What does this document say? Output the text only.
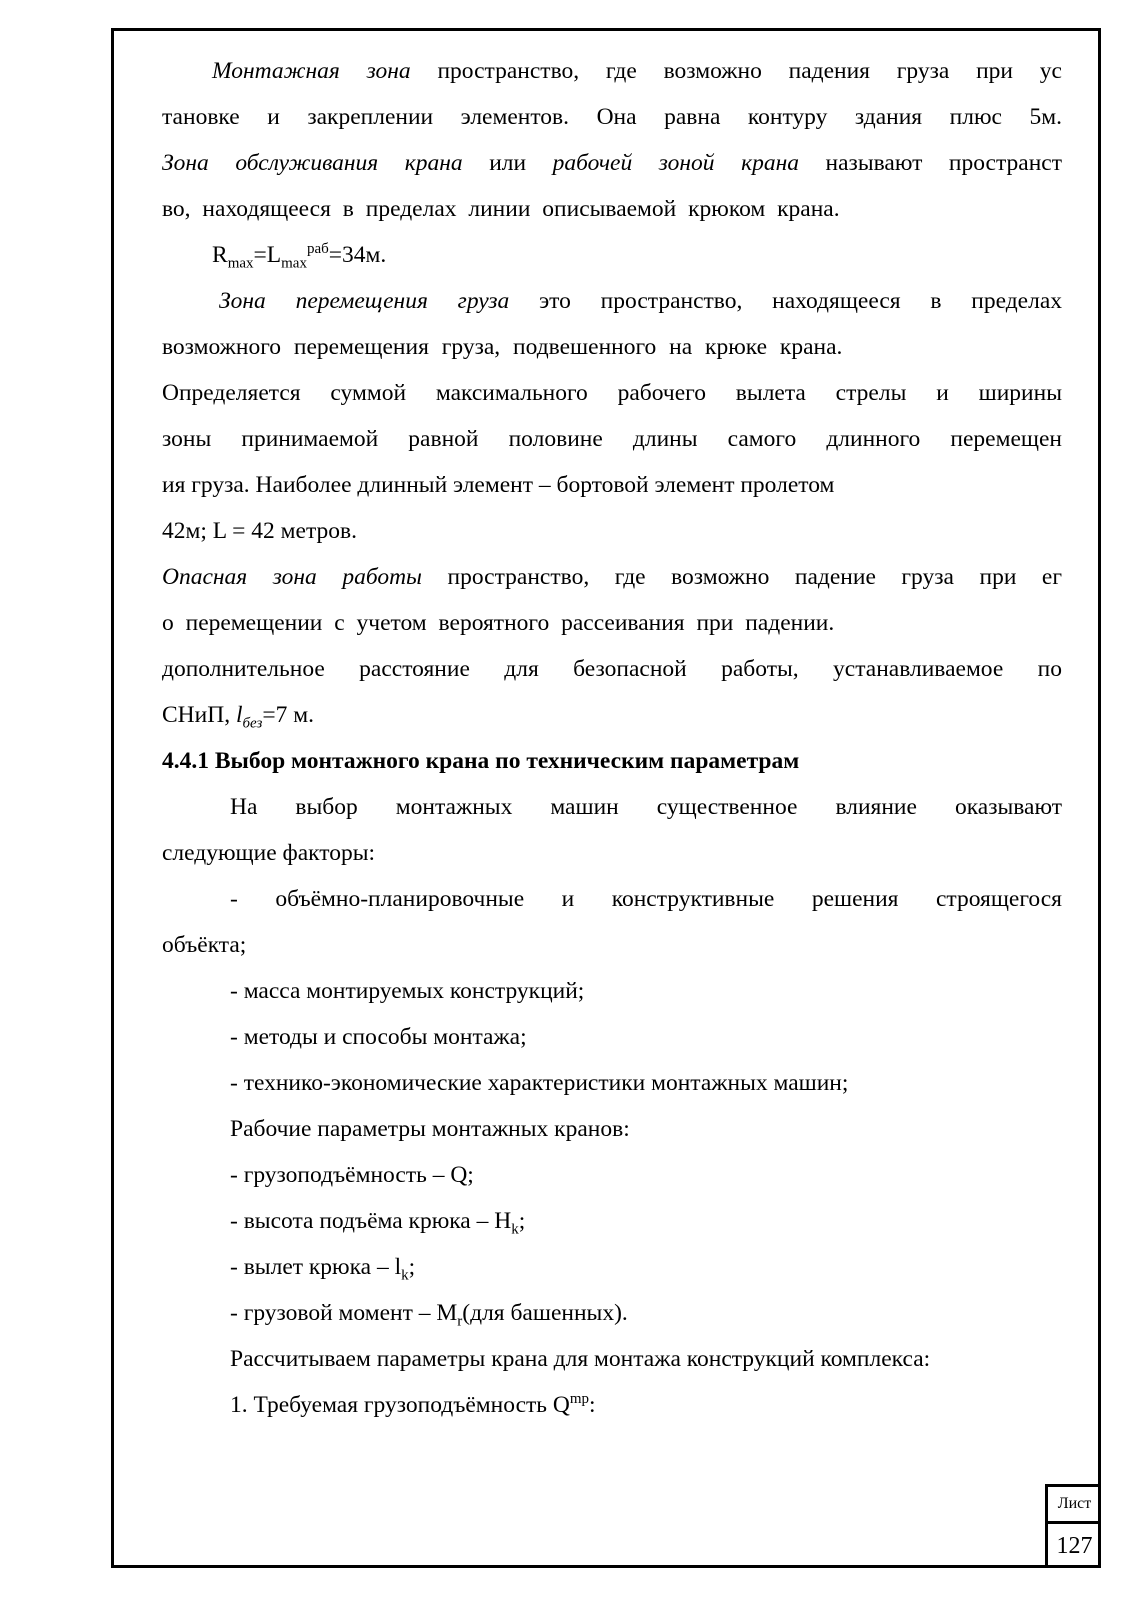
Монтажная зона пространство, где возможно падения груза при ус

тановке и закреплении элементов. Она равна контуру здания плюс 5м.

Зона обслуживания крана или рабочей зоной крана называют пространст

во, находящееся в пределах линии описываемой крюком крана.

$R_{max}=L_{max}^{раб}=34м$.

Зона перемещения груза это пространство, находящееся в пределах

возможного перемещения груза, подвешенного на крюке крана.

Определяется суммой максимального рабочего вылета стрелы и ширины

зоны принимаемой равной половине длины самого длинного перемещен

ия груза. Наиболее длинный элемент – бортовой элемент пролетом

42м; L = 42 метров.

Опасная зона работы пространство, где возможно падение груза при ег

о перемещении с учетом вероятного рассеивания при падении.

дополнительное расстояние для безопасной работы, устанавливаемое по

СНиП, $l_{без}=7$ м.

4.4.1 Выбор монтажного крана по техническим параметрам

На выбор монтажных машин существенное влияние оказывают

следующие факторы:

- объёмно-планировочные и конструктивные решения строящегося

объёкта;

- масса монтируемых конструкций;

- методы и способы монтажа;

- технико-экономические характеристики монтажных машин;

Рабочие параметры монтажных кранов:

- грузоподъёмность – Q;

- высота подъёма крюка – $H_k$;

- вылет крюка – $l_k$;

- грузовой момент – $M_r(для$ башенных).

Рассчитываем параметры крана для монтажа конструкций комплекса:

1. Требуемая грузоподъёмность $Q^{mp}$:

Лист
127
